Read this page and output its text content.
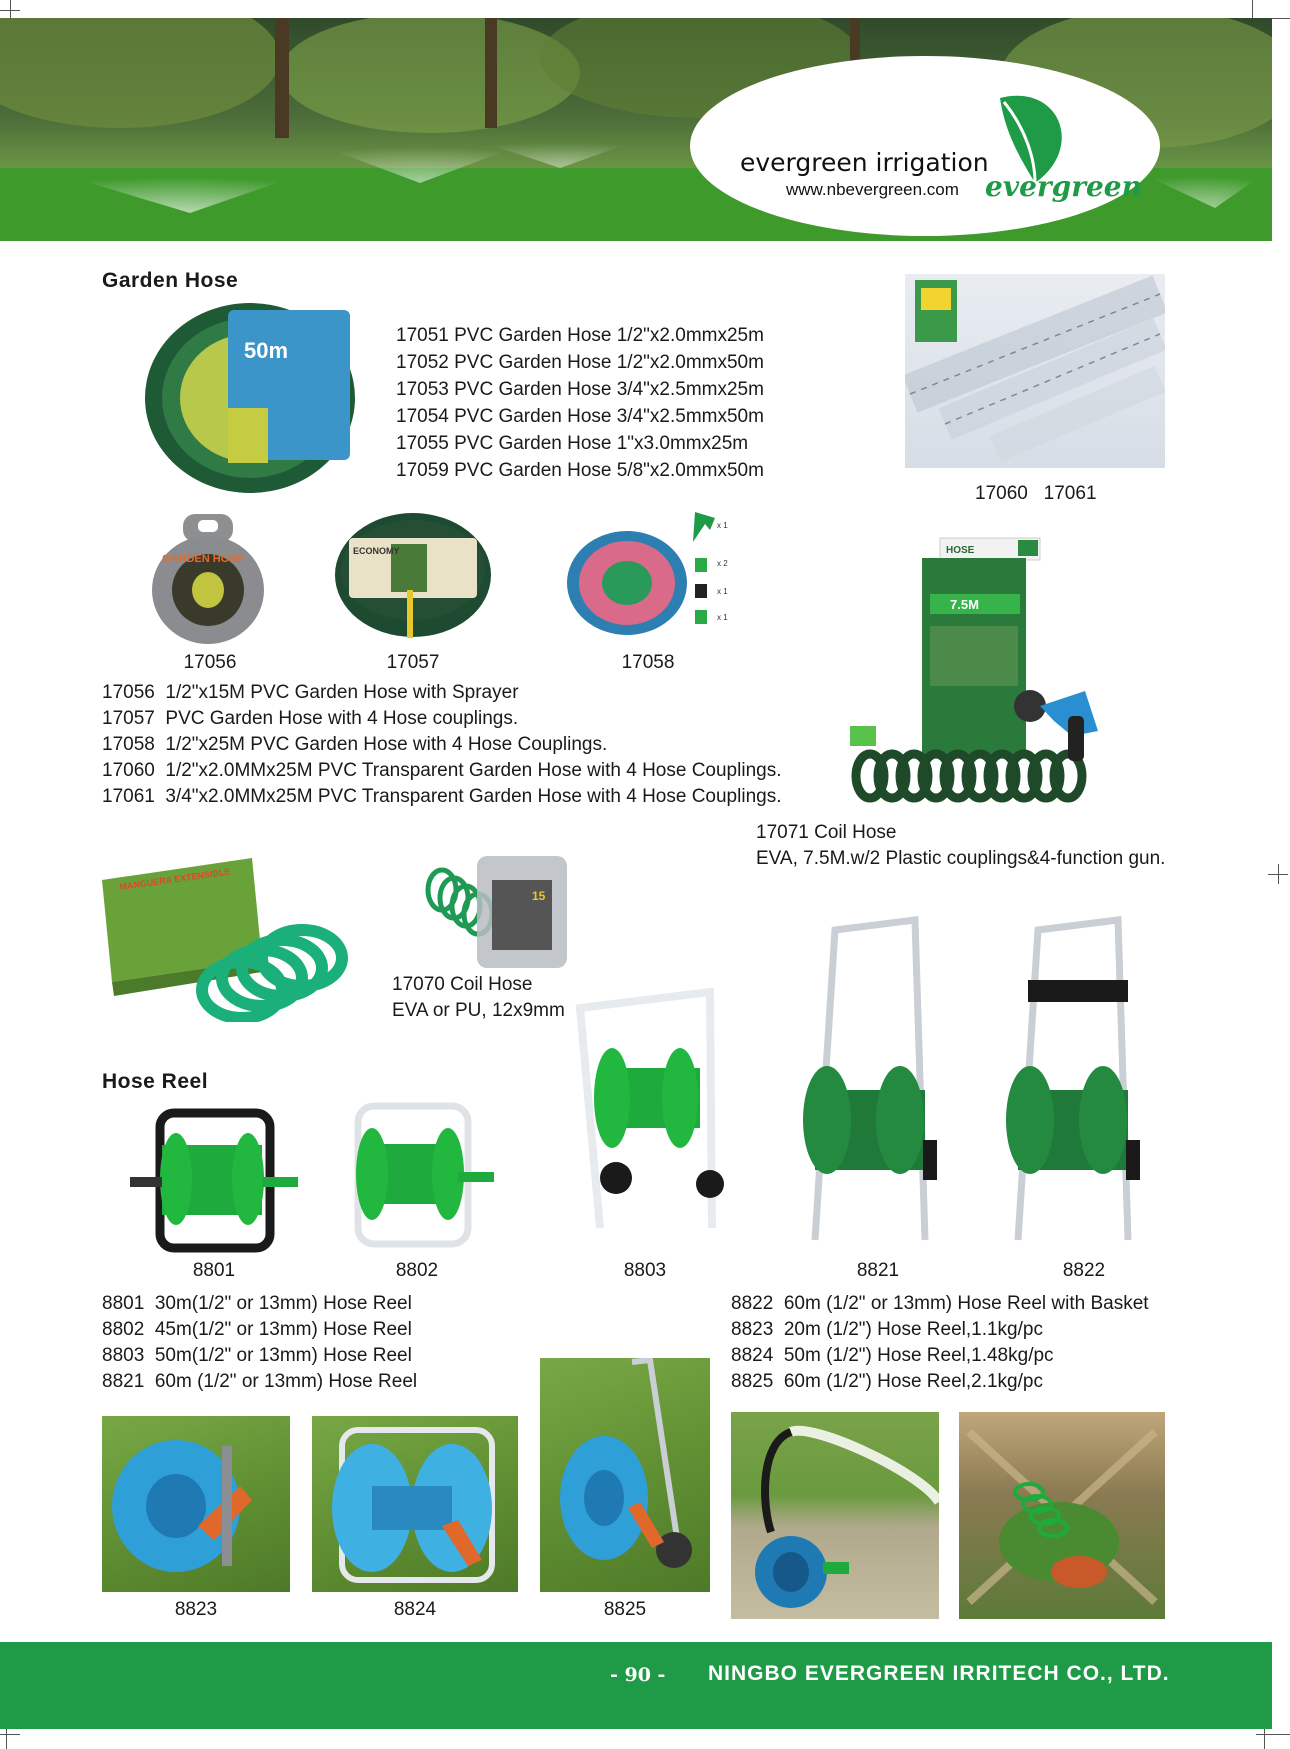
evergreen irrigation
www.nbevergreen.com evergreen
Garden Hose
50m
17051 PVC Garden Hose 1/2"x2.0mmx25m
17052 PVC Garden Hose 1/2"x2.0mmx50m
17053 PVC Garden Hose 3/4"x2.5mmx25m
17054 PVC Garden Hose 3/4"x2.5mmx50m
17055 PVC Garden Hose 1"x3.0mmx25m
17059 PVC Garden Hose 5/8"x2.0mmx50m
17060   17061
GARDEN HOSE
ECONOMY
x 1
x 2
x 1
x 1
17056	17057	17058
17056  1/2"x15M PVC Garden Hose with Sprayer
17057  PVC Garden Hose with 4 Hose couplings.
17058  1/2"x25M PVC Garden Hose with 4 Hose Couplings.
17060  1/2"x2.0MMx25M PVC Transparent Garden Hose with 4 Hose Couplings.
17061  3/4"x2.0MMx25M PVC Transparent Garden Hose with 4 Hose Couplings.
HOSE
7.5M
17071 Coil Hose
EVA, 7.5M.w/2 Plastic couplings&4-function gun.
MANGUERA EXTENSIBLE
15
17070 Coil Hose
EVA or PU, 12x9mm
Hose Reel
8801	8802	8803	8821	8822
8801  30m(1/2" or 13mm) Hose Reel
8802  45m(1/2" or 13mm) Hose Reel
8803  50m(1/2" or 13mm) Hose Reel
8821  60m (1/2" or 13mm) Hose Reel
8822  60m (1/2" or 13mm) Hose Reel with Basket
8823  20m (1/2") Hose Reel,1.1kg/pc
8824  50m (1/2") Hose Reel,1.48kg/pc
8825  60m (1/2") Hose Reel,2.1kg/pc
8823	8824	8825
- 90 - NINGBO EVERGREEN IRRITECH CO., LTD.
